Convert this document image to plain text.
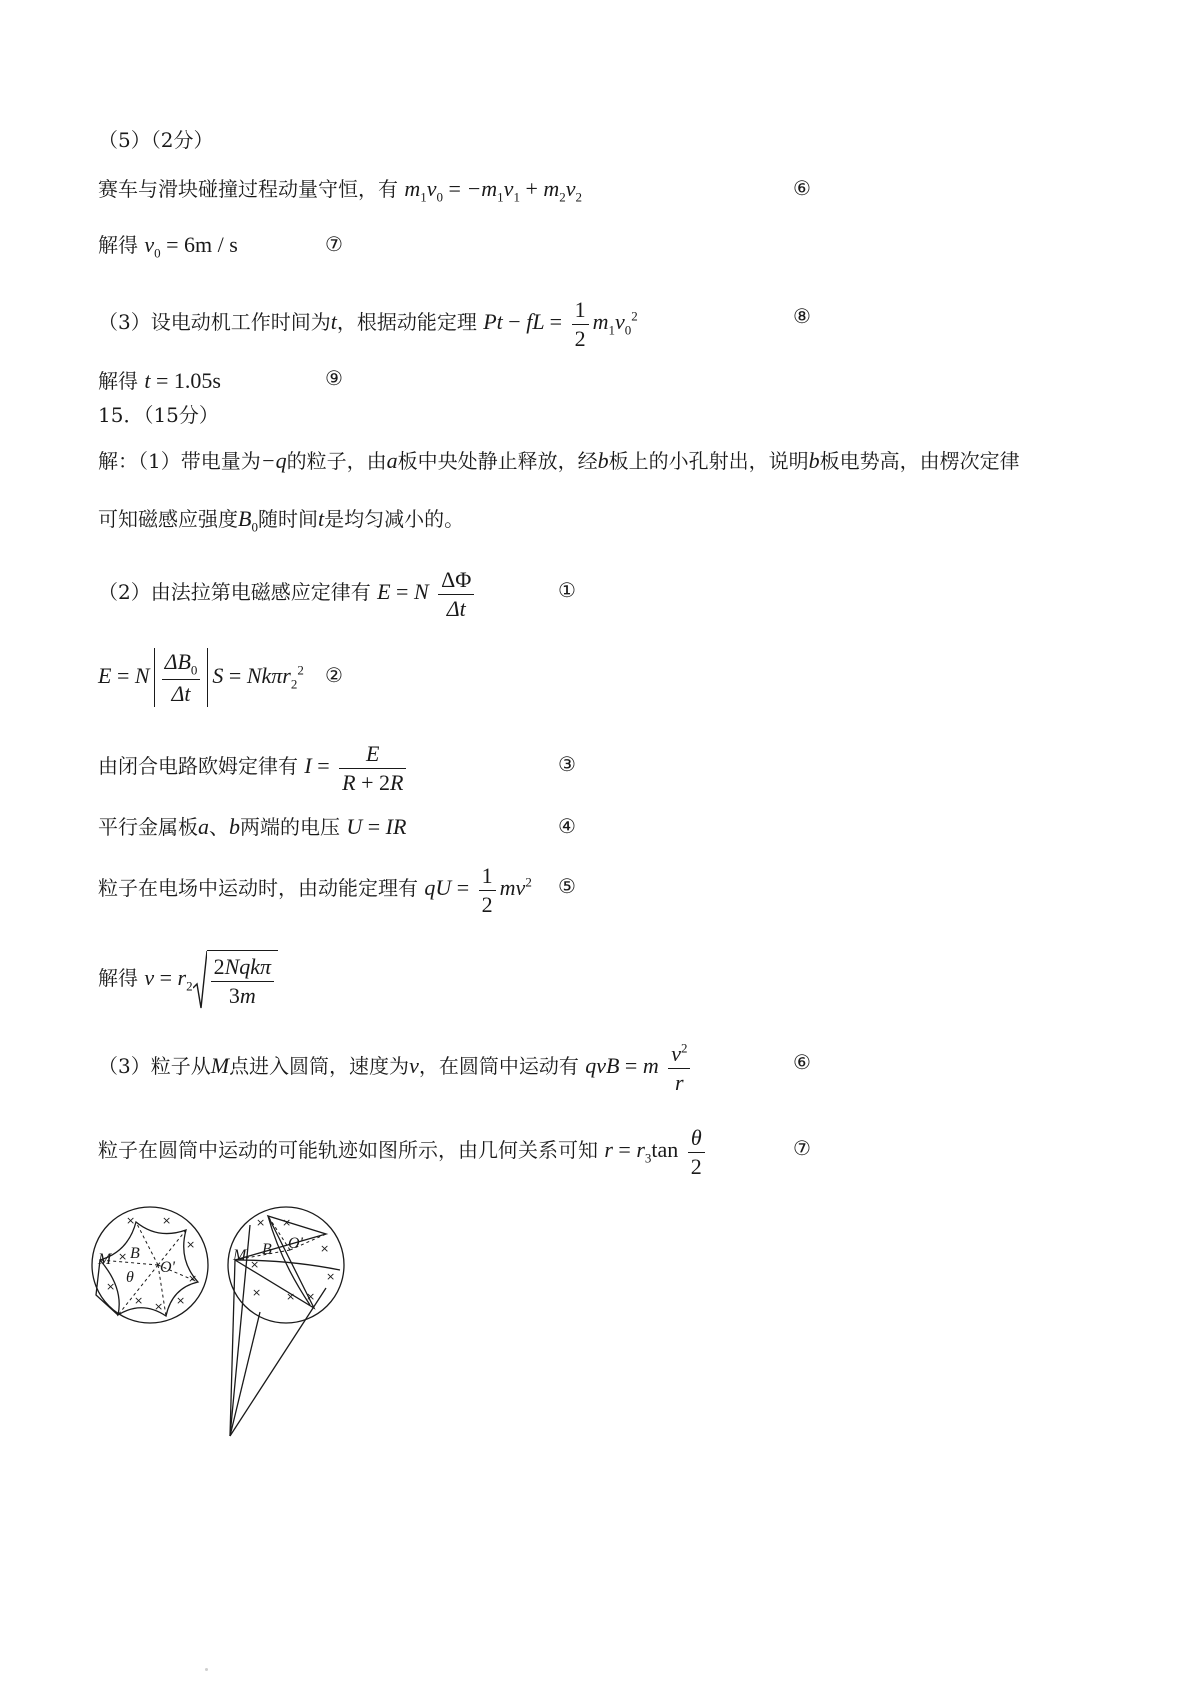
（5）（2分）
赛车与滑块碰撞过程动量守恒，有 $m_1v_0 = -m_1v_1 + m_2v_2$	⑥
解得 $v_0 = 6m / s$	⑦
（3）设电动机工作时间为t，根据动能定理 Pt − fL = $\frac{1}{2} m_1v_0^2$	⑧
解得 t = 1.05s	⑨
15．（15分）
解：（1）带电量为−q的粒子，由a板中央处静止释放，经b板上的小孔射出，说明b板电势高，由楞次定律
可知磁感应强度$B_0$随时间t是均匀减小的。
（2）由法拉第电磁感应定律有 E = N $\frac{\Delta\Phi}{\Delta t}$	①
E = N $\frac{\Delta B_0}{\Delta t}$ S = Nkπr$_2^2$ ②
由闭合电路欧姆定律有 $I = \frac{E}{R + 2R}$	③
平行金属板a、b两端的电压 U = IR	④
粒子在电场中运动时，由动能定理有 qU = $\frac{1}{2} mv^2$ ⑤
解得 $v = r_2 \frac{\text{2Nqkπ}}{3m}$
（3）粒子从M点进入圆筒，速度为v，在圆筒中运动有 qvB = m $\frac{v^2}{r}$	⑥
粒子在圆筒中运动的可能轨迹如图所示，由几何关系可知 $r = r_3\tan \frac{\theta}{2}$	⑦
M B
O'
θ
× ×
×
×
×
×
×	×
×
M B O'
× ×
×
×
×
× × ×
